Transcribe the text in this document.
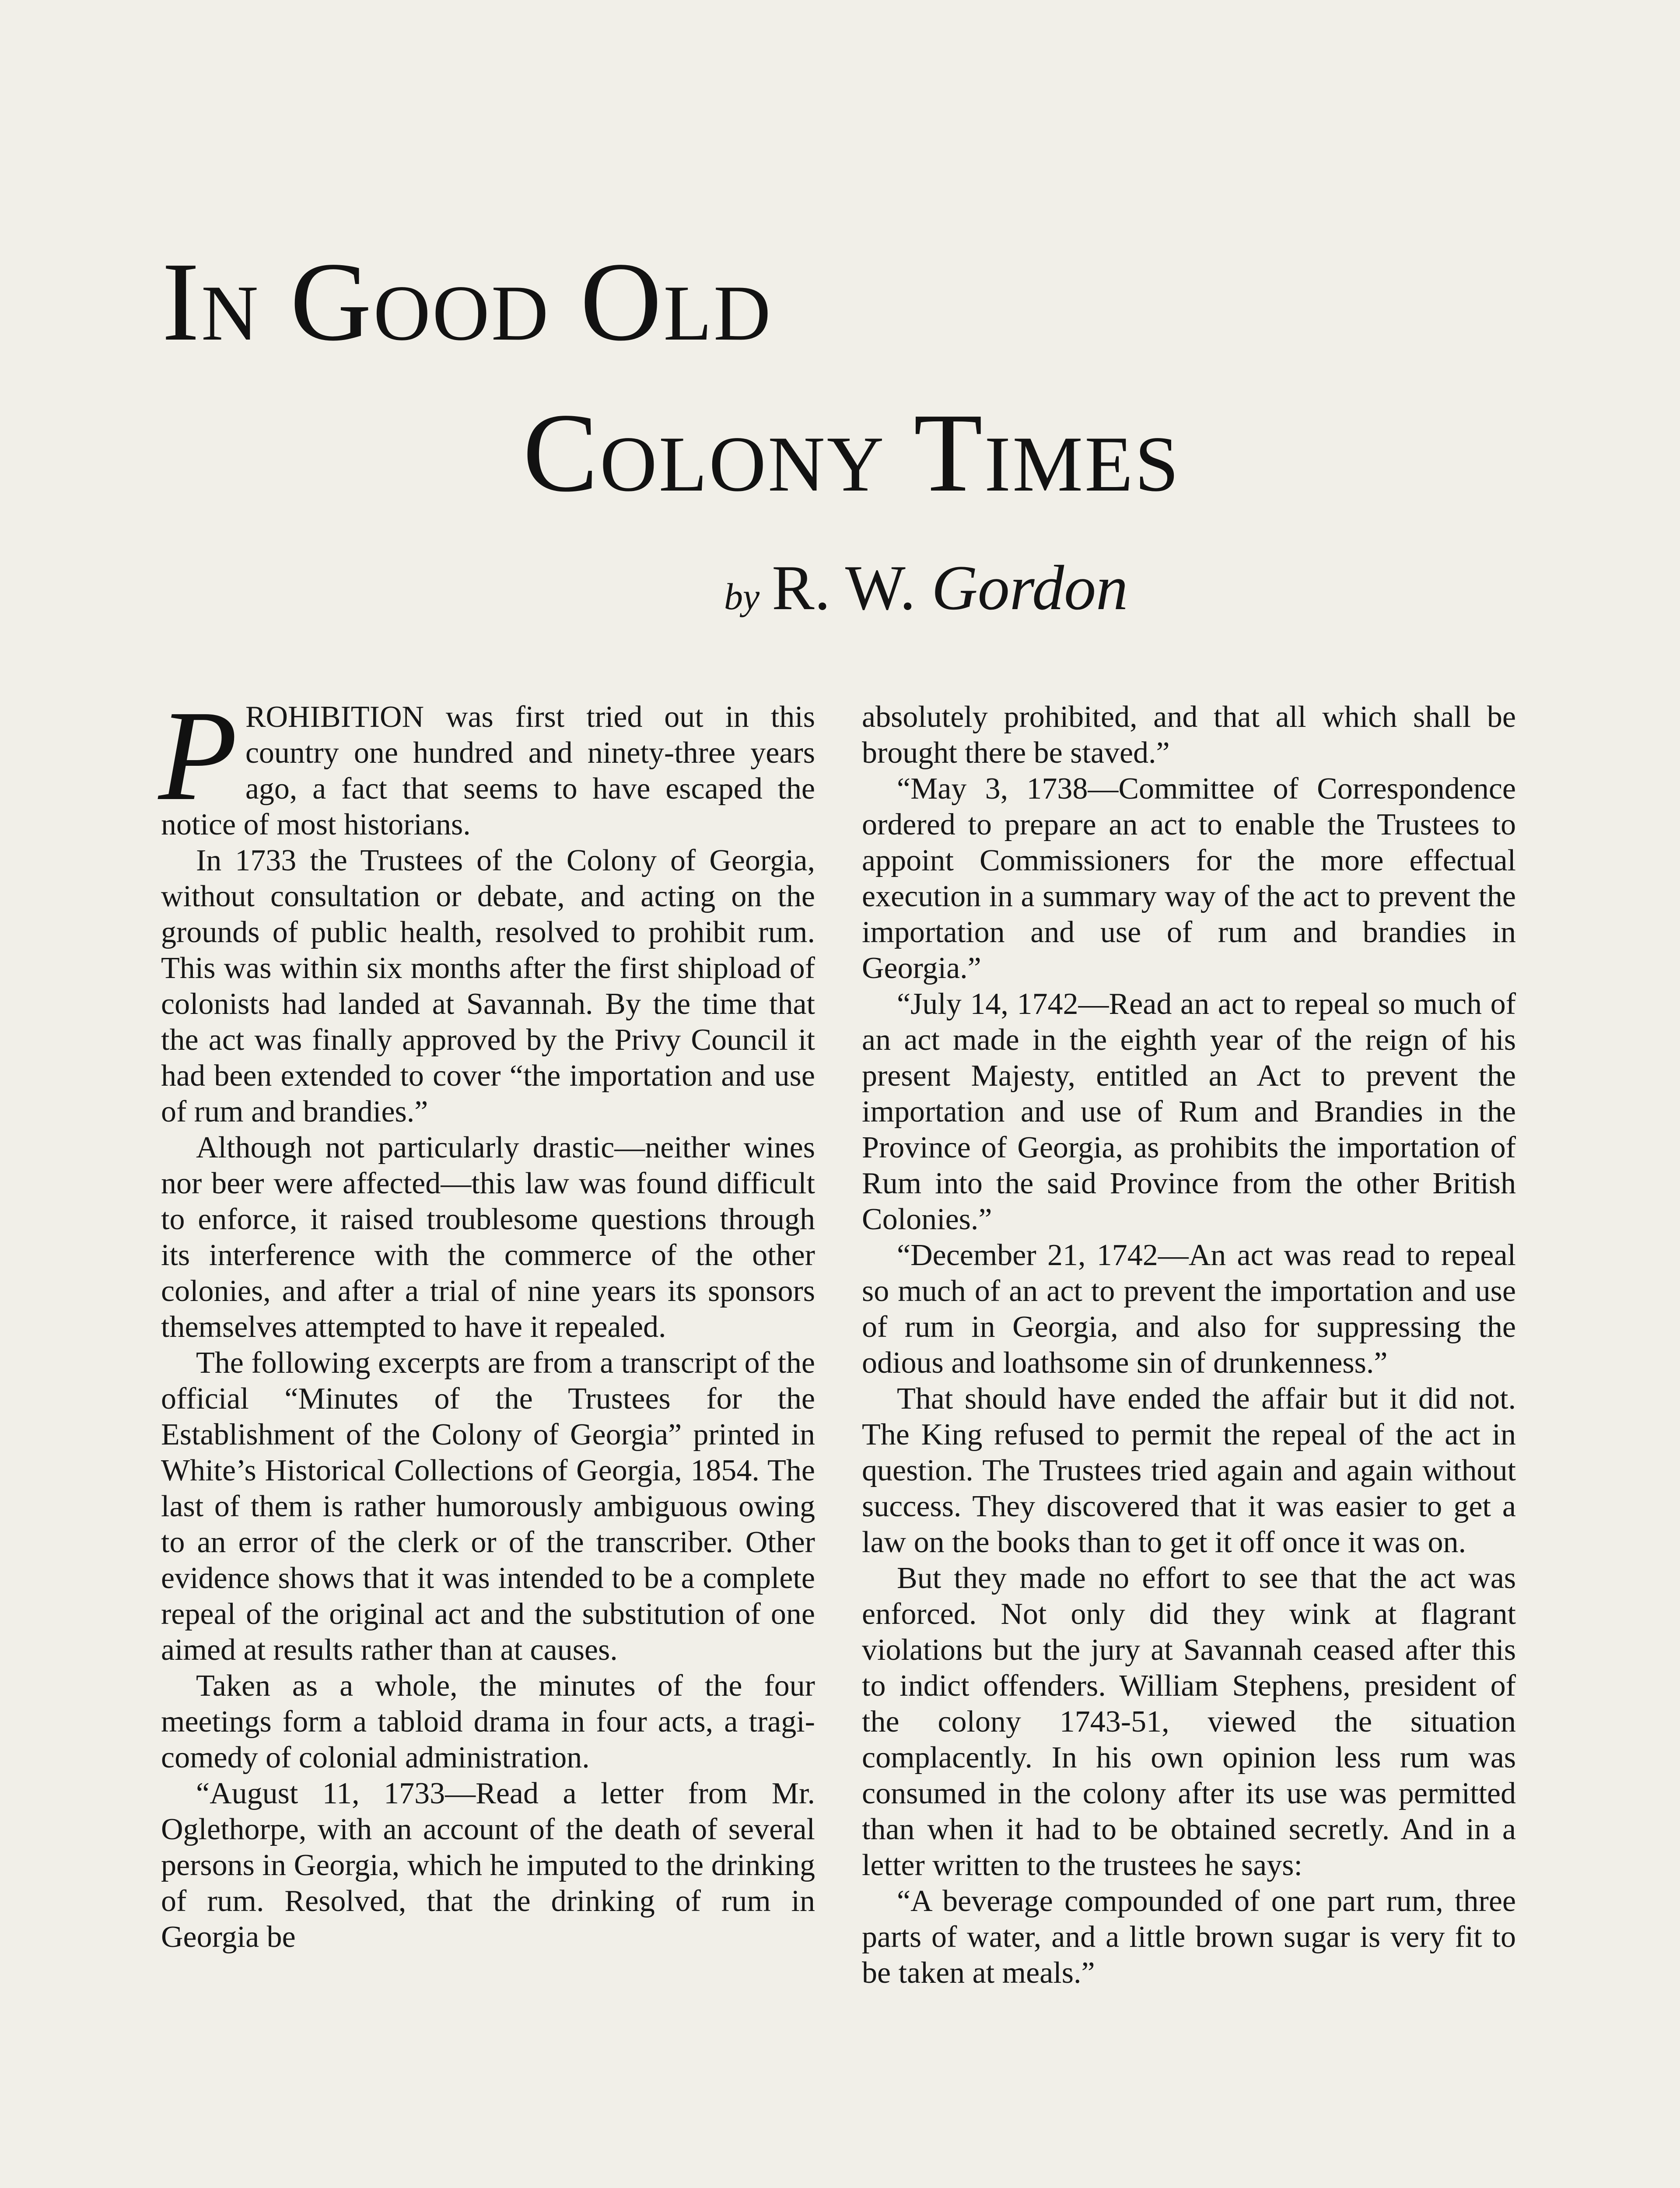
In Good Old
Colony Times
by R. W. Gordon

PROHIBITION was first tried out in this country one hundred and ninety-three years ago, a fact that seems to have escaped the notice of most historians.

In 1733 the Trustees of the Colony of Georgia, without consultation or debate, and acting on the grounds of public health, resolved to prohibit rum. This was within six months after the first shipload of colonists had landed at Savannah. By the time that the act was finally approved by the Privy Council it had been extended to cover “the importation and use of rum and brandies.”

Although not particularly drastic—neither wines nor beer were affected—this law was found difficult to enforce, it raised troublesome questions through its interference with the commerce of the other colonies, and after a trial of nine years its sponsors themselves attempted to have it repealed.

The following excerpts are from a transcript of the official “Minutes of the Trustees for the Establishment of the Colony of Georgia” printed in White’s Historical Collections of Georgia, 1854. The last of them is rather humorously ambiguous owing to an error of the clerk or of the transcriber. Other evidence shows that it was intended to be a complete repeal of the original act and the substitution of one aimed at results rather than at causes.

Taken as a whole, the minutes of the four meetings form a tabloid drama in four acts, a tragi-comedy of colonial administration.

“August 11, 1733—Read a letter from Mr. Oglethorpe, with an account of the death of several persons in Georgia, which he imputed to the drinking of rum. Resolved, that the drinking of rum in Georgia be

absolutely prohibited, and that all which shall be brought there be staved.”

“May 3, 1738—Committee of Correspondence ordered to prepare an act to enable the Trustees to appoint Commissioners for the more effectual execution in a summary way of the act to prevent the importation and use of rum and brandies in Georgia.”

“July 14, 1742—Read an act to repeal so much of an act made in the eighth year of the reign of his present Majesty, entitled an Act to prevent the importation and use of Rum and Brandies in the Province of Georgia, as prohibits the importation of Rum into the said Province from the other British Colonies.”

“December 21, 1742—An act was read to repeal so much of an act to prevent the importation and use of rum in Georgia, and also for suppressing the odious and loathsome sin of drunkenness.”

That should have ended the affair but it did not. The King refused to permit the repeal of the act in question. The Trustees tried again and again without success. They discovered that it was easier to get a law on the books than to get it off once it was on.

But they made no effort to see that the act was enforced. Not only did they wink at flagrant violations but the jury at Savannah ceased after this to indict offenders. William Stephens, president of the colony 1743-51, viewed the situation complacently. In his own opinion less rum was consumed in the colony after its use was permitted than when it had to be obtained secretly. And in a letter written to the trustees he says:

“A beverage compounded of one part rum, three parts of water, and a little brown sugar is very fit to be taken at meals.”
